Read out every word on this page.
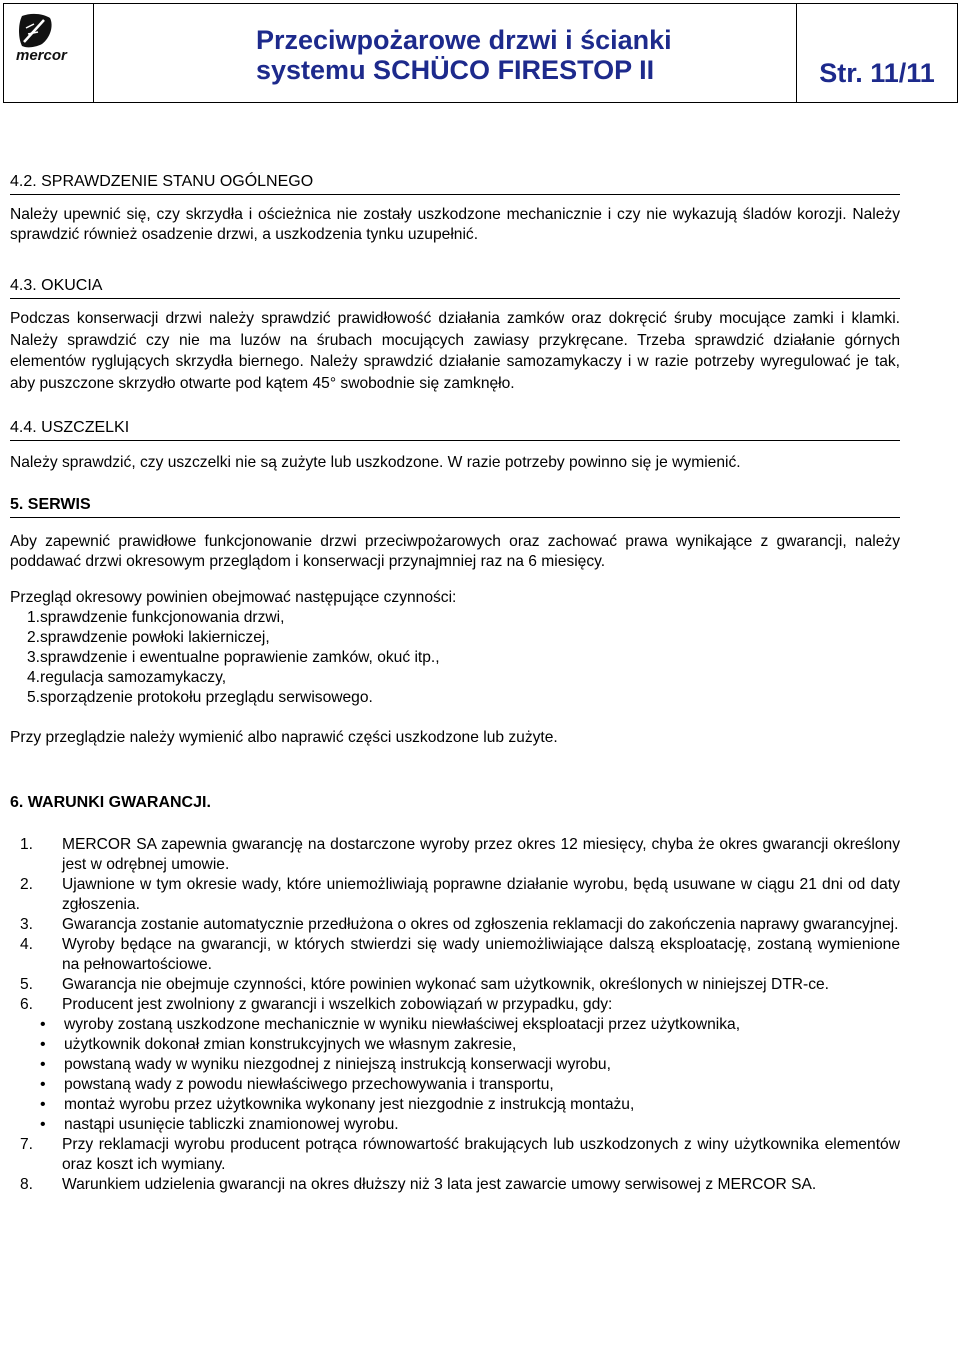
mercor
Przeciwpożarowe drzwi i ścianki
systemu SCHÜCO FIRESTOP II	Str. 11/11
4.2. SPRAWDZENIE STANU OGÓLNEGO
Należy upewnić się, czy skrzydła i ościeżnica nie zostały uszkodzone mechanicznie i czy nie wykazują śladów korozji. Należy sprawdzić również osadzenie drzwi, a uszkodzenia tynku uzupełnić.
4.3. OKUCIA
Podczas konserwacji drzwi należy sprawdzić prawidłowość działania zamków oraz dokręcić śruby mocujące zamki i klamki. Należy sprawdzić czy nie ma luzów na śrubach mocujących zawiasy przykręcane. Trzeba sprawdzić działanie górnych elementów ryglujących skrzydła biernego. Należy sprawdzić działanie samozamykaczy i w razie potrzeby wyregulować je tak, aby puszczone skrzydło otwarte pod kątem 45° swobodnie się zamknęło.
4.4. USZCZELKI
Należy sprawdzić, czy uszczelki nie są zużyte lub uszkodzone. W razie potrzeby powinno się je wymienić.
5. SERWIS
Aby zapewnić prawidłowe funkcjonowanie drzwi przeciwpożarowych oraz zachować prawa wynikające z gwarancji, należy poddawać drzwi okresowym przeglądom i konserwacji przynajmniej raz na 6 miesięcy.
Przegląd okresowy powinien obejmować następujące czynności:
1. sprawdzenie funkcjonowania drzwi,
2. sprawdzenie powłoki lakierniczej,
3. sprawdzenie i ewentualne poprawienie zamków, okuć itp.,
4. regulacja samozamykaczy,
5. sporządzenie protokołu przeglądu serwisowego.
Przy przeglądzie należy wymienić albo naprawić części uszkodzone lub zużyte.
6. WARUNKI GWARANCJI.
1.	MERCOR SA zapewnia gwarancję na dostarczone wyroby przez okres 12 miesięcy, chyba że okres gwarancji określony jest w odrębnej umowie.
2.	Ujawnione w tym okresie wady, które uniemożliwiają poprawne działanie wyrobu, będą usuwane w ciągu 21 dni od daty zgłoszenia.
3.	Gwarancja zostanie automatycznie przedłużona o okres od zgłoszenia reklamacji do zakończenia naprawy gwarancyjnej.
4.	Wyroby będące na gwarancji, w których stwierdzi się wady uniemożliwiające dalszą eksploatację, zostaną wymienione na pełnowartościowe.
5.	Gwarancja nie obejmuje czynności, które powinien wykonać sam użytkownik, określonych w niniejszej DTR-ce.
6.	Producent jest zwolniony z gwarancji i wszelkich zobowiązań w przypadku, gdy:
•	wyroby zostaną uszkodzone mechanicznie w wyniku niewłaściwej eksploatacji przez użytkownika,
•	użytkownik dokonał zmian konstrukcyjnych we własnym zakresie,
•	powstaną wady w wyniku niezgodnej z niniejszą instrukcją konserwacji wyrobu,
•	powstaną wady z powodu niewłaściwego przechowywania i transportu,
•	montaż wyrobu przez użytkownika wykonany jest niezgodnie z instrukcją montażu,
•	nastąpi usunięcie tabliczki znamionowej wyrobu.
7.	Przy reklamacji wyrobu producent potrąca równowartość brakujących lub uszkodzonych z winy użytkownika elementów oraz koszt ich wymiany.
8.	Warunkiem udzielenia gwarancji na okres dłuższy niż 3 lata jest zawarcie umowy serwisowej z MERCOR SA.
